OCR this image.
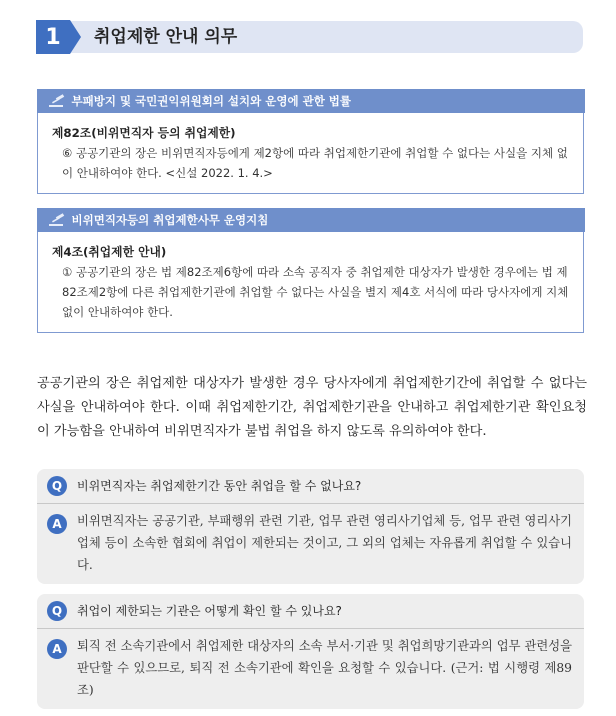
1	취업제한 안내 의무
부패방지 및 국민권익위원회의 설치와 운영에 관한 법률
제82조(비위면직자 등의 취업제한)
⑥ 공공기관의 장은 비위면직자등에게 제2항에 따라 취업제한기관에 취업할 수 없다는 사실을 지체 없이 안내하여야 한다. <신설 2022. 1. 4.>
비위면직자등의 취업제한사무 운영지침
제4조(취업제한 안내)
① 공공기관의 장은 법 제82조제6항에 따라 소속 공직자 중 취업제한 대상자가 발생한 경우에는 법 제82조제2항에 다른 취업제한기관에 취업할 수 없다는 사실을 별지 제4호 서식에 따라 당사자에게 지체 없이 안내하여야 한다.
공공기관의 장은 취업제한 대상자가 발생한 경우 당사자에게 취업제한기간에 취업할 수 없다는 사실을 안내하여야 한다. 이때 취업제한기간, 취업제한기관을 안내하고 취업제한기관 확인요청이 가능함을 안내하여 비위면직자가 불법 취업을 하지 않도록 유의하여야 한다.
Q	비위면직자는 취업제한기간 동안 취업을 할 수 없나요?
A	비위면직자는 공공기관, 부패행위 관련 기관, 업무 관련 영리사기업체 등, 업무 관련 영리사기업체 등이 소속한 협회에 취업이 제한되는 것이고, 그 외의 업체는 자유롭게 취업할 수 있습니다.
Q	취업이 제한되는 기관은 어떻게 확인 할 수 있나요?
A	퇴직 전 소속기관에서 취업제한 대상자의 소속 부서·기관 및 취업희망기관과의 업무 관련성을 판단할 수 있으므로, 퇴직 전 소속기관에 확인을 요청할 수 있습니다. (근거: 법 시행령 제89조)
